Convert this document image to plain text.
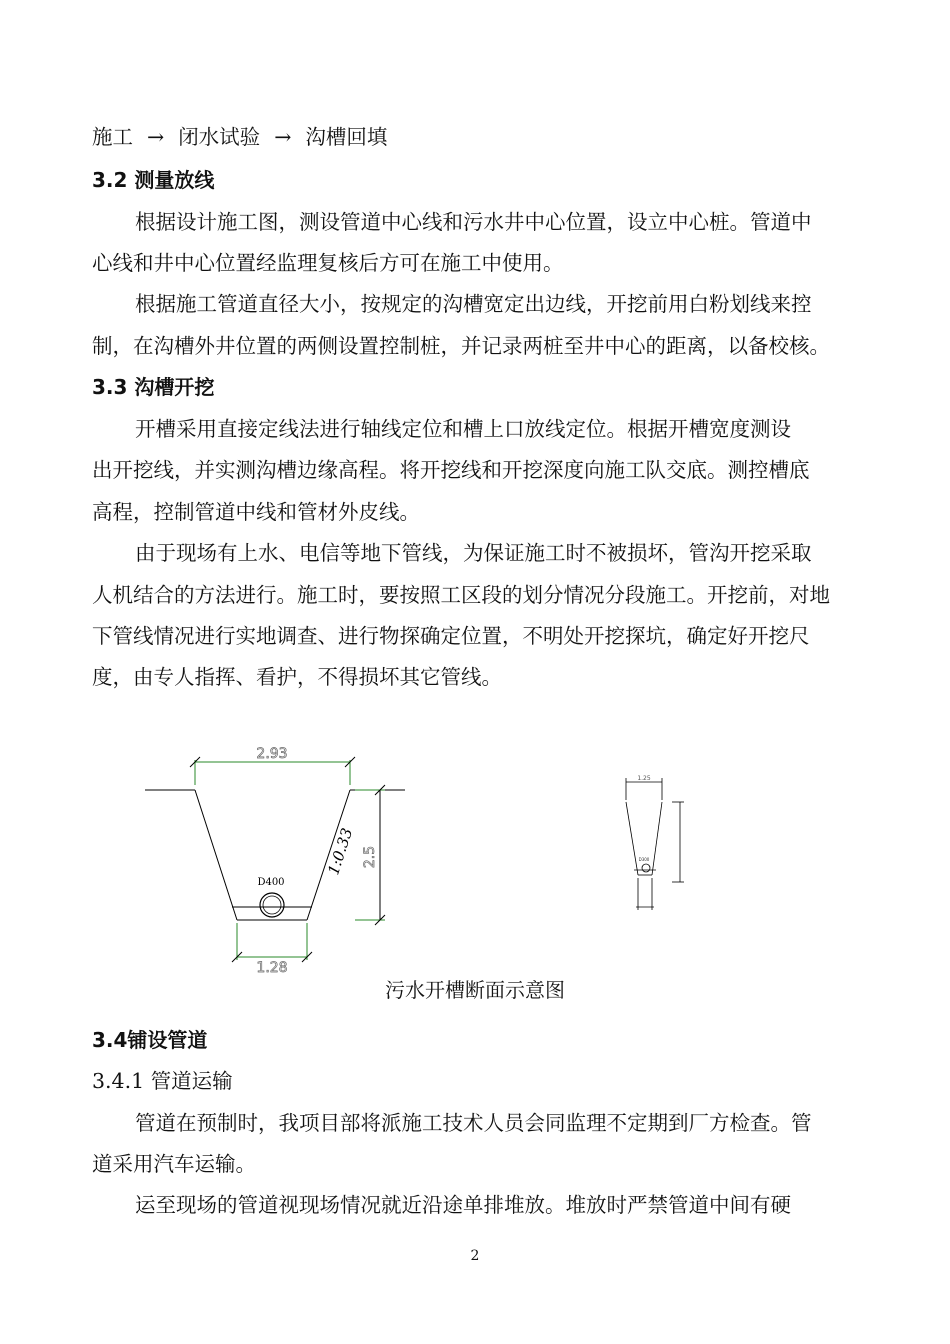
施工 → 闭水试验 → 沟槽回填
3.2 测量放线
根据设计施工图，测设管道中心线和污水井中心位置，设立中心桩。管道中
心线和井中心位置经监理复核后方可在施工中使用。
根据施工管道直径大小，按规定的沟槽宽定出边线，开挖前用白粉划线来控
制，在沟槽外井位置的两侧设置控制桩，并记录两桩至井中心的距离，以备校核。
3.3 沟槽开挖
开槽采用直接定线法进行轴线定位和槽上口放线定位。根据开槽宽度测设
出开挖线，并实测沟槽边缘高程。将开挖线和开挖深度向施工队交底。测控槽底
高程，控制管道中线和管材外皮线。
由于现场有上水、电信等地下管线，为保证施工时不被损坏，管沟开挖采取
人机结合的方法进行。施工时，要按照工区段的划分情况分段施工。开挖前，对地
下管线情况进行实地调查、进行物探确定位置，不明处开挖探坑，确定好开挖尺
度，由专人指挥、看护，不得损坏其它管线。
2.93
1.28
2.5
1:0.33
D400
1.25
D300
污水开槽断面示意图
3.4铺设管道
3.4.1 管道运输
管道在预制时，我项目部将派施工技术人员会同监理不定期到厂方检查。管
道采用汽车运输。
运至现场的管道视现场情况就近沿途单排堆放。堆放时严禁管道中间有硬
2
